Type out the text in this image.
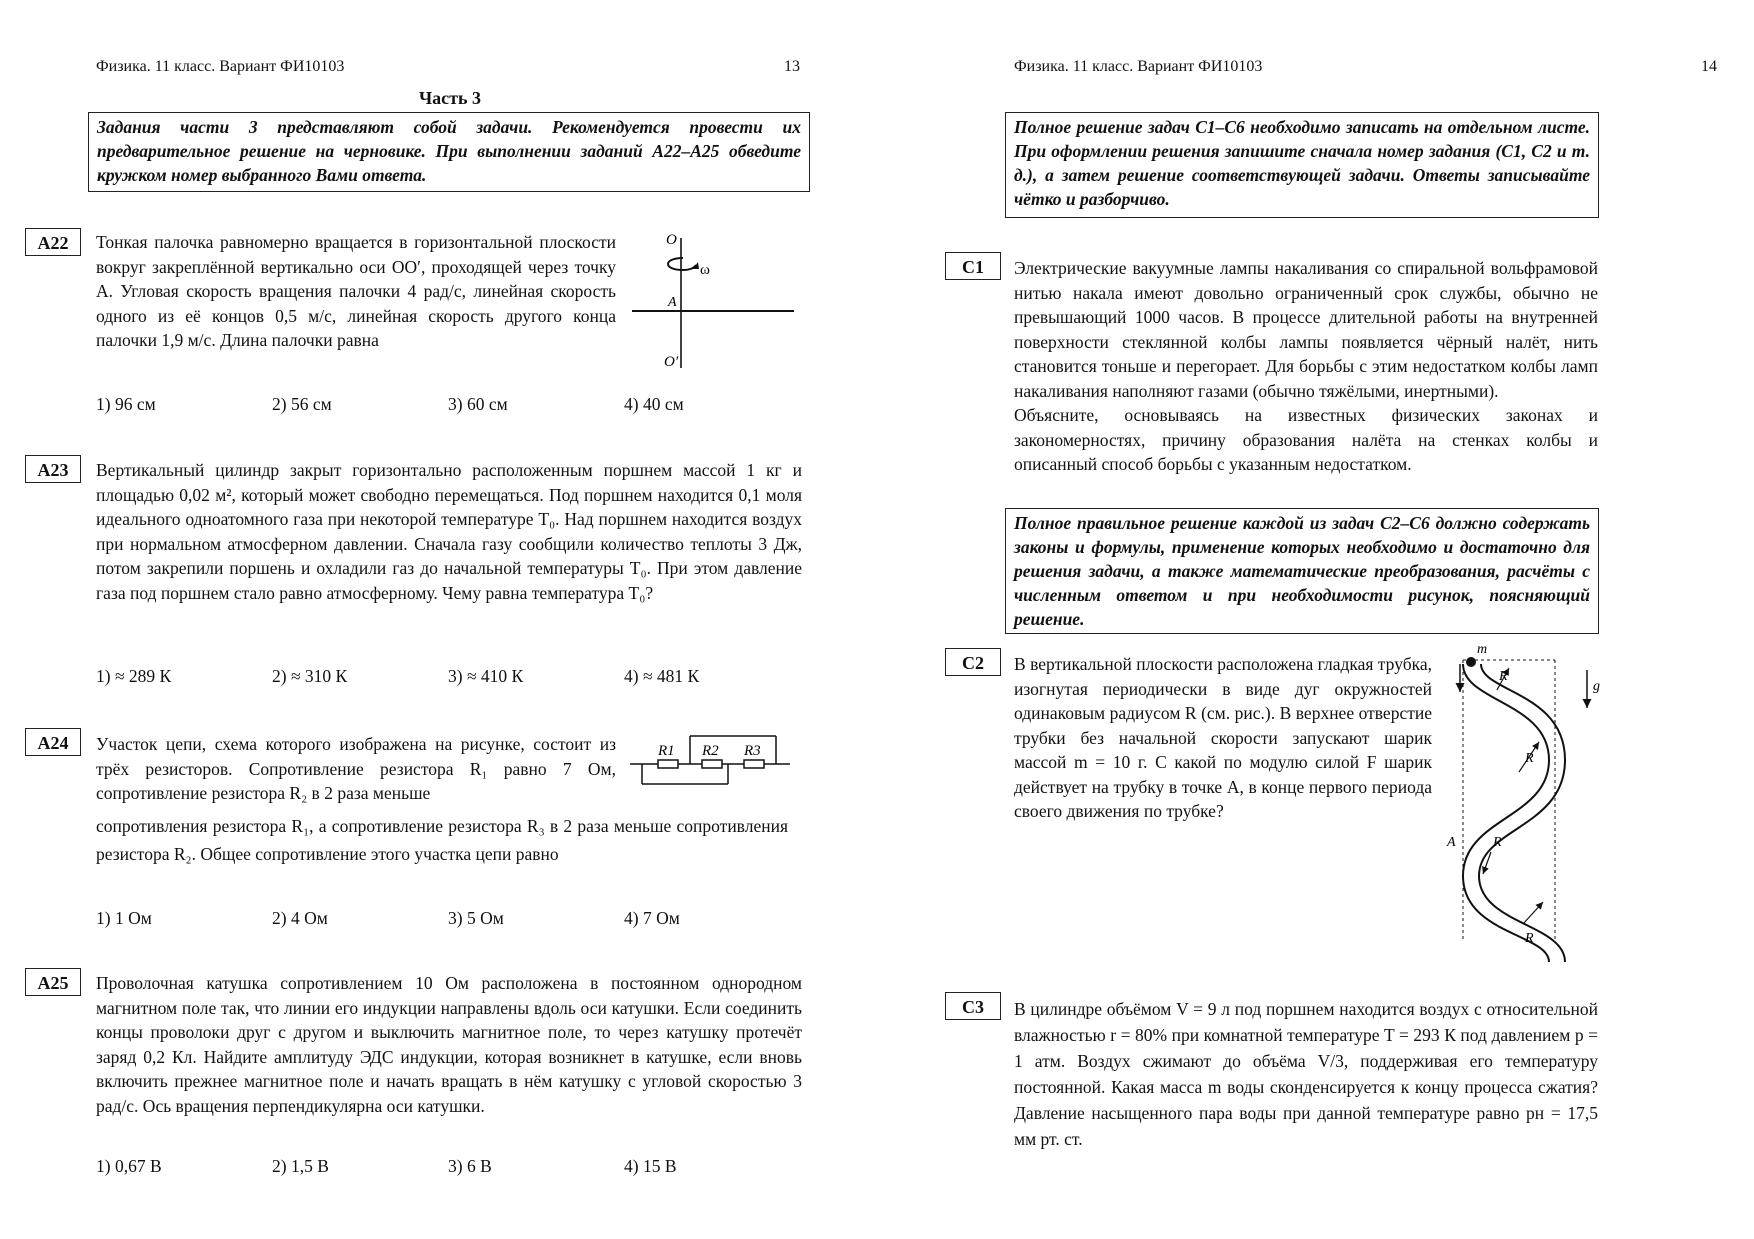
Физика. 11 класс. Вариант ФИ10103	13
Часть 3
Задания части 3 представляют собой задачи. Рекомендуется провести их предварительное решение на черновике. При выполнении заданий А22–А25 обведите кружком номер выбранного Вами ответа.
A22	Тонкая палочка равномерно вращается в горизонтальной плоскости вокруг закреплённой вертикально оси OO′, проходящей через точку A. Угловая скорость вращения палочки 4 рад/с, линейная скорость одного из её концов 0,5 м/с, линейная скорость другого конца палочки 1,9 м/с. Длина палочки равна
O
ω
A
O′
1) 96 см	2) 56 см	3) 60 см	4) 40 см
A23	Вертикальный цилиндр закрыт горизонтально расположенным поршнем массой 1 кг и площадью 0,02 м², который может свободно перемещаться. Под поршнем находится 0,1 моля идеального одноатомного газа при некоторой температуре T₀. Над поршнем находится воздух при нормальном атмосферном давлении. Сначала газу сообщили количество теплоты 3 Дж, потом закрепили поршень и охладили газ до начальной температуры T₀. При этом давление газа под поршнем стало равно атмосферному. Чему равна температура T₀?
1) ≈ 289 К	2) ≈ 310 К	3) ≈ 410 К	4) ≈ 481 К
A24	Участок цепи, схема которого изображена на рисунке, состоит из трёх резисторов. Сопротивление резистора R₁ равно 7 Ом, сопротивление резистора R₂ в 2 раза меньше
R1 R2 R3
сопротивления резистора R₁, а сопротивление резистора R₃ в 2 раза меньше сопротивления резистора R₂. Общее сопротивление этого участка цепи равно
1) 1 Ом	2) 4 Ом	3) 5 Ом	4) 7 Ом
A25	Проволочная катушка сопротивлением 10 Ом расположена в постоянном однородном магнитном поле так, что линии его индукции направлены вдоль оси катушки. Если соединить концы проволоки друг с другом и выключить магнитное поле, то через катушку протечёт заряд 0,2 Кл. Найдите амплитуду ЭДС индукции, которая возникнет в катушке, если вновь включить прежнее магнитное поле и начать вращать в нём катушку с угловой скоростью 3 рад/с. Ось вращения перпендикулярна оси катушки.
1) 0,67 В	2) 1,5 В	3) 6 В	4) 15 В
Физика. 11 класс. Вариант ФИ10103	14
Полное решение задач С1–С6 необходимо записать на отдельном листе. При оформлении решения запишите сначала номер задания (С1, С2 и т. д.), а затем решение соответствующей задачи. Ответы записывайте чётко и разборчиво.
C1	Электрические вакуумные лампы накаливания со спиральной вольфрамовой нитью накала имеют довольно ограниченный срок службы, обычно не превышающий 1000 часов. В процессе длительной работы на внутренней поверхности стеклянной колбы лампы появляется чёрный налёт, нить становится тоньше и перегорает. Для борьбы с этим недостатком колбы ламп накаливания наполняют газами (обычно тяжёлыми, инертными).
Объясните, основываясь на известных физических законах и закономерностях, причину образования налёта на стенках колбы и описанный способ борьбы с указанным недостатком.
Полное правильное решение каждой из задач С2–С6 должно содержать законы и формулы, применение которых необходимо и достаточно для решения задачи, а также математические преобразования, расчёты с численным ответом и при необходимости рисунок, поясняющий решение.
C2	В вертикальной плоскости расположена гладкая трубка, изогнутая периодически в виде дуг окружностей одинаковым радиусом R (см. рис.). В верхнее отверстие трубки без начальной скорости запускают шарик массой m = 10 г. С какой по модулю силой F шарик действует на трубку в точке A, в конце первого периода своего движения по трубке?
m
R
R
R
R
A
g
C3	В цилиндре объёмом V = 9 л под поршнем находится воздух с относительной влажностью r = 80% при комнатной температуре T = 293 К под давлением p = 1 атм. Воздух сжимают до объёма V/3, поддерживая его температуру постоянной. Какая масса m воды сконденсируется к концу процесса сжатия? Давление насыщенного пара воды при данной температуре равно pн = 17,5 мм рт. ст.
